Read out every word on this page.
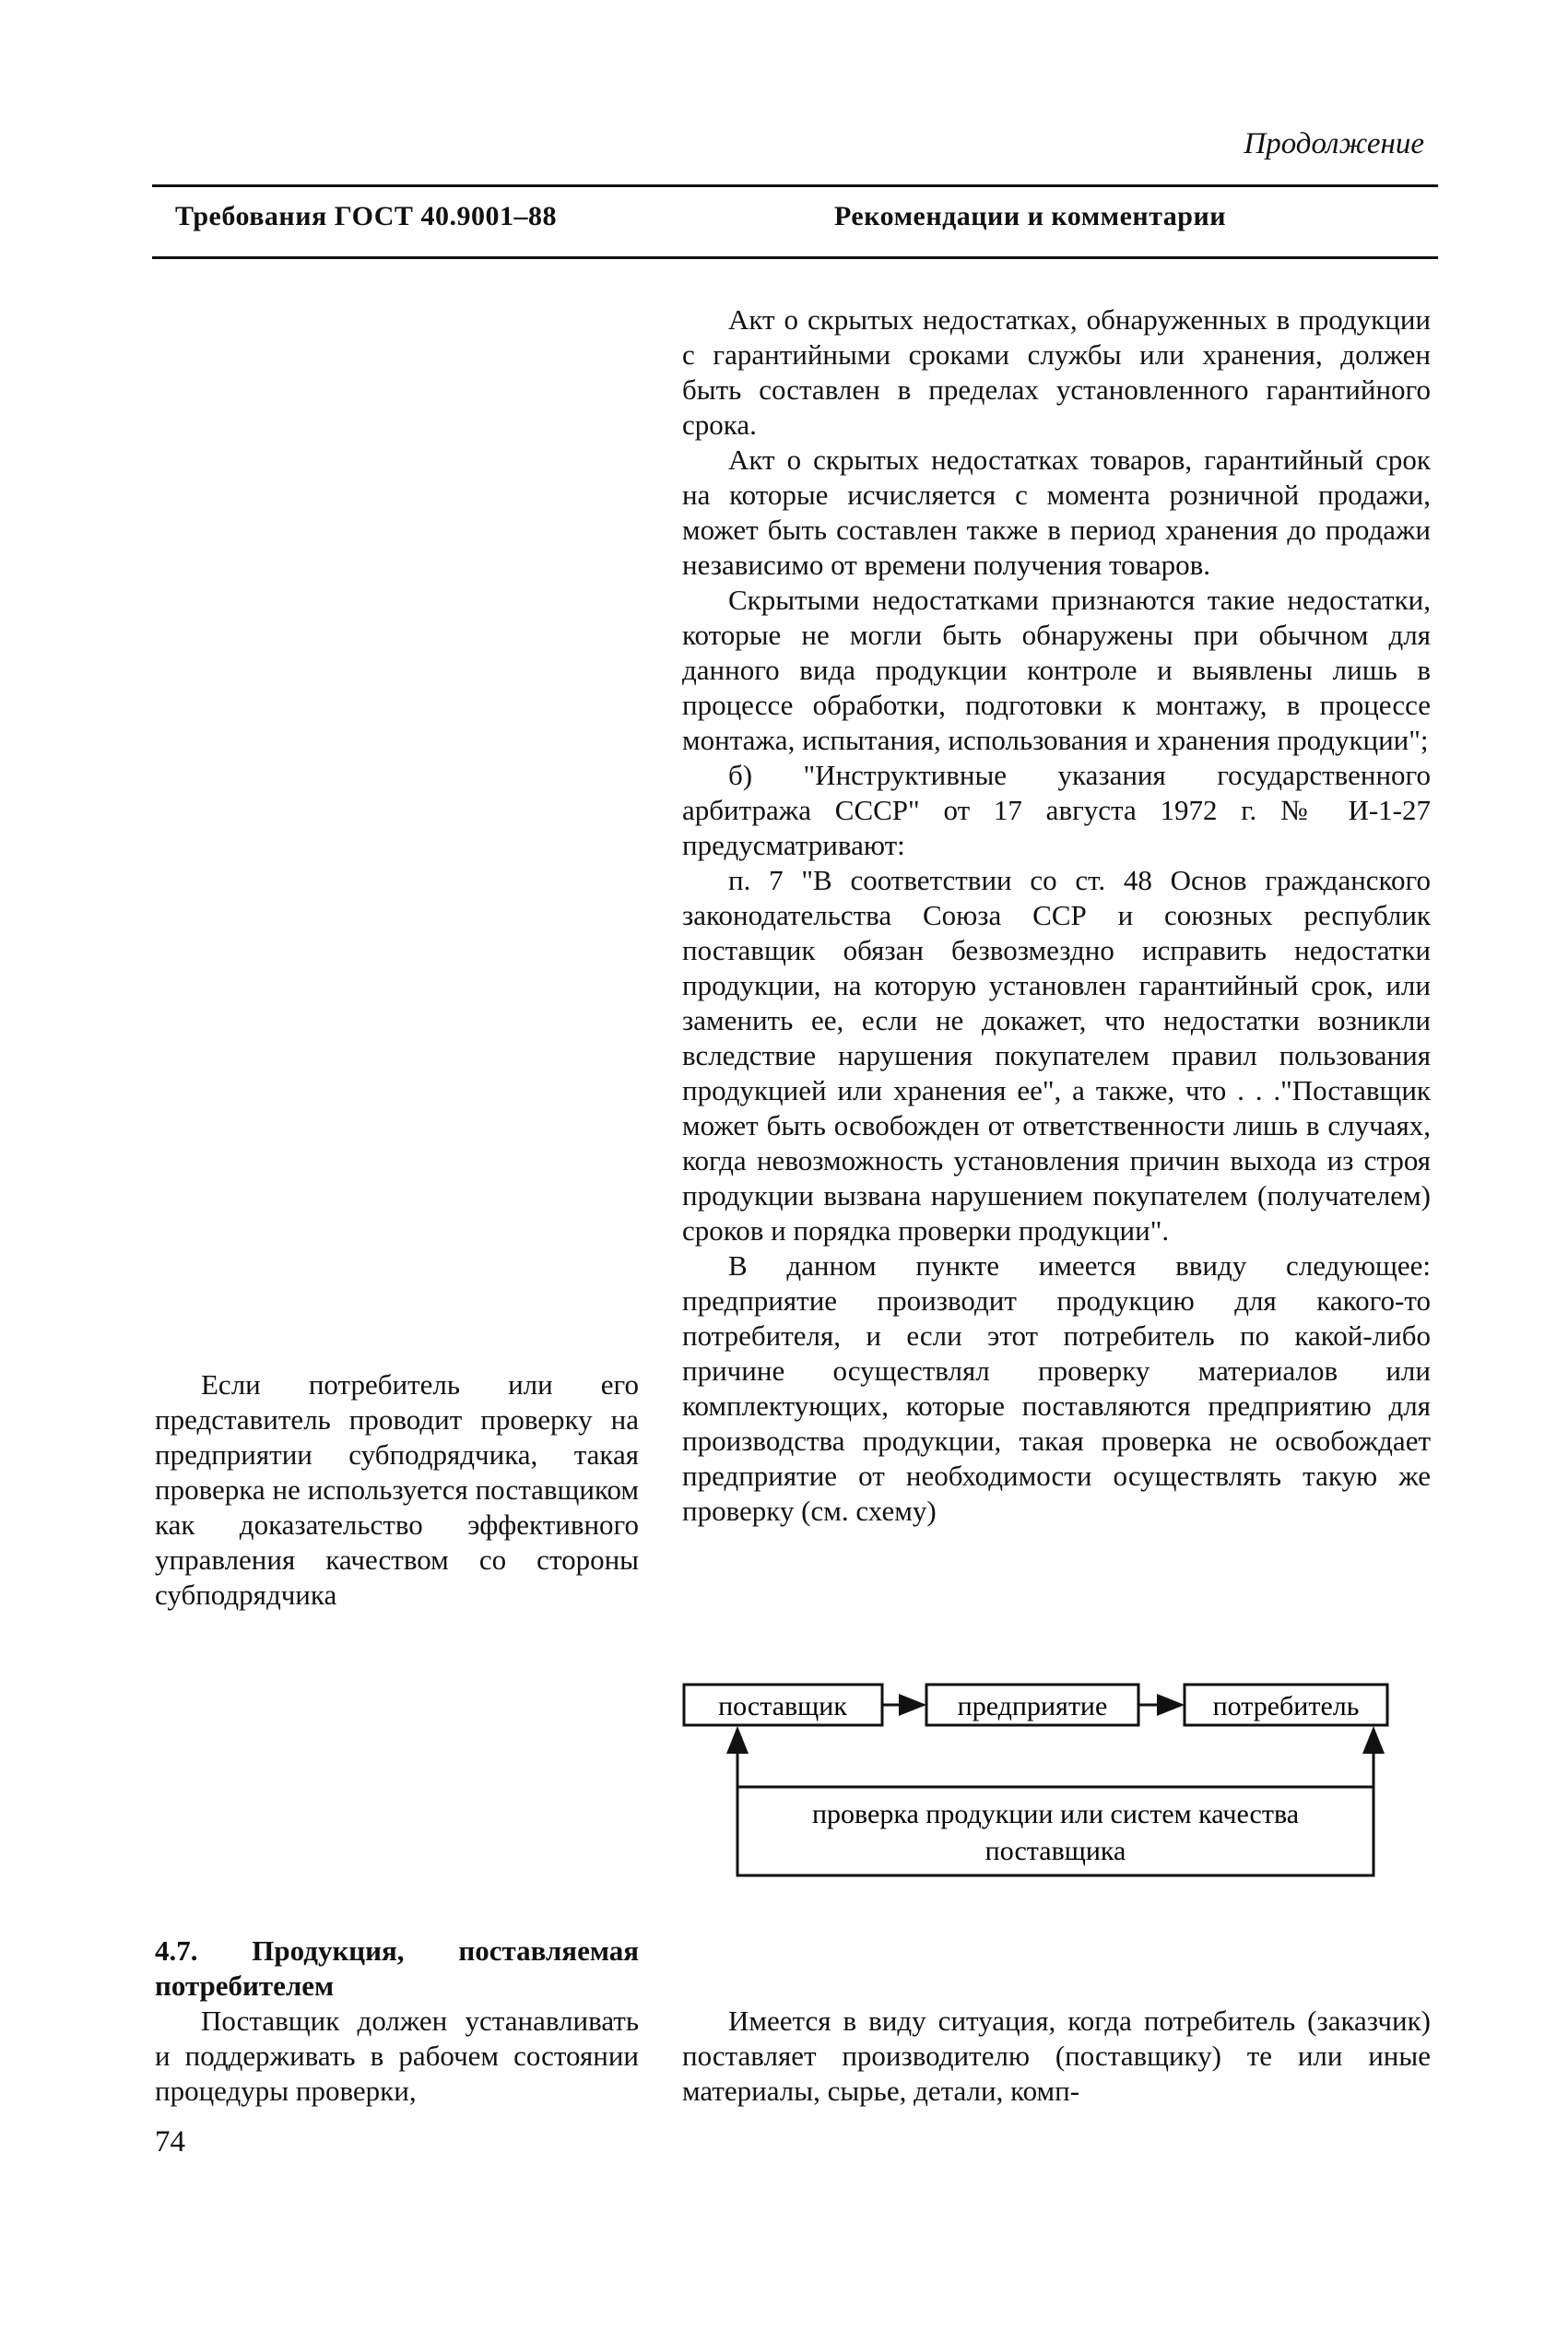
Продолжение
Требования ГОСТ 40.9001–88	Рекомендации и комментарии

Акт о скрытых недостатках, обнаруженных в продукции с гарантийными сроками службы или хранения, должен быть составлен в пределах установленного гарантийного срока.

Акт о скрытых недостатках товаров, гарантийный срок на которые исчисляется с момента розничной продажи, может быть составлен также в период хранения до продажи независимо от времени получения товаров.

Скрытыми недостатками признаются такие недостатки, которые не могли быть обнаружены при обычном для данного вида продукции контроле и выявлены лишь в процессе обработки, подготовки к монтажу, в процессе монтажа, испытания, использования и хранения продукции";

б) "Инструктивные указания государственного арбитража СССР" от 17 августа 1972 г. № И-1-27 предусматривают:

п. 7 "В соответствии со ст. 48 Основ гражданского законодательства Союза ССР и союзных республик поставщик обязан безвозмездно исправить недостатки продукции, на которую установлен гарантийный срок, или заменить ее, если не докажет, что недостатки возникли вследствие нарушения покупателем правил пользования продукцией или хранения ее", а также, что . . ."Поставщик может быть освобожден от ответственности лишь в случаях, когда невозможность установления причин выхода из строя продукции вызвана нарушением покупателем (получателем) сроков и порядка проверки продукции".

В данном пункте имеется ввиду следующее: предприятие производит продукцию для какого-то потребителя, и если этот потребитель по какой-либо причине осуществлял проверку материалов или комплектующих, которые поставляются предприятию для производства продукции, такая проверка не освобождает предприятие от необходимости осуществлять такую же проверку (см. схему)

Если потребитель или его представитель проводит проверку на предприятии субподрядчика, такая проверка не используется поставщиком как доказательство эффективного управления качеством со стороны субподрядчика

поставщик	предприятие	потребитель
проверка продукции или систем качества
поставщика
4.7. Продукция, поставляемая потребителем

Поставщик должен устанавливать и поддерживать в рабочем состоянии процедуры проверки,

Имеется в виду ситуация, когда потребитель (заказчик) поставляет производителю (поставщику) те или иные материалы, сырье, детали, комп-

74
